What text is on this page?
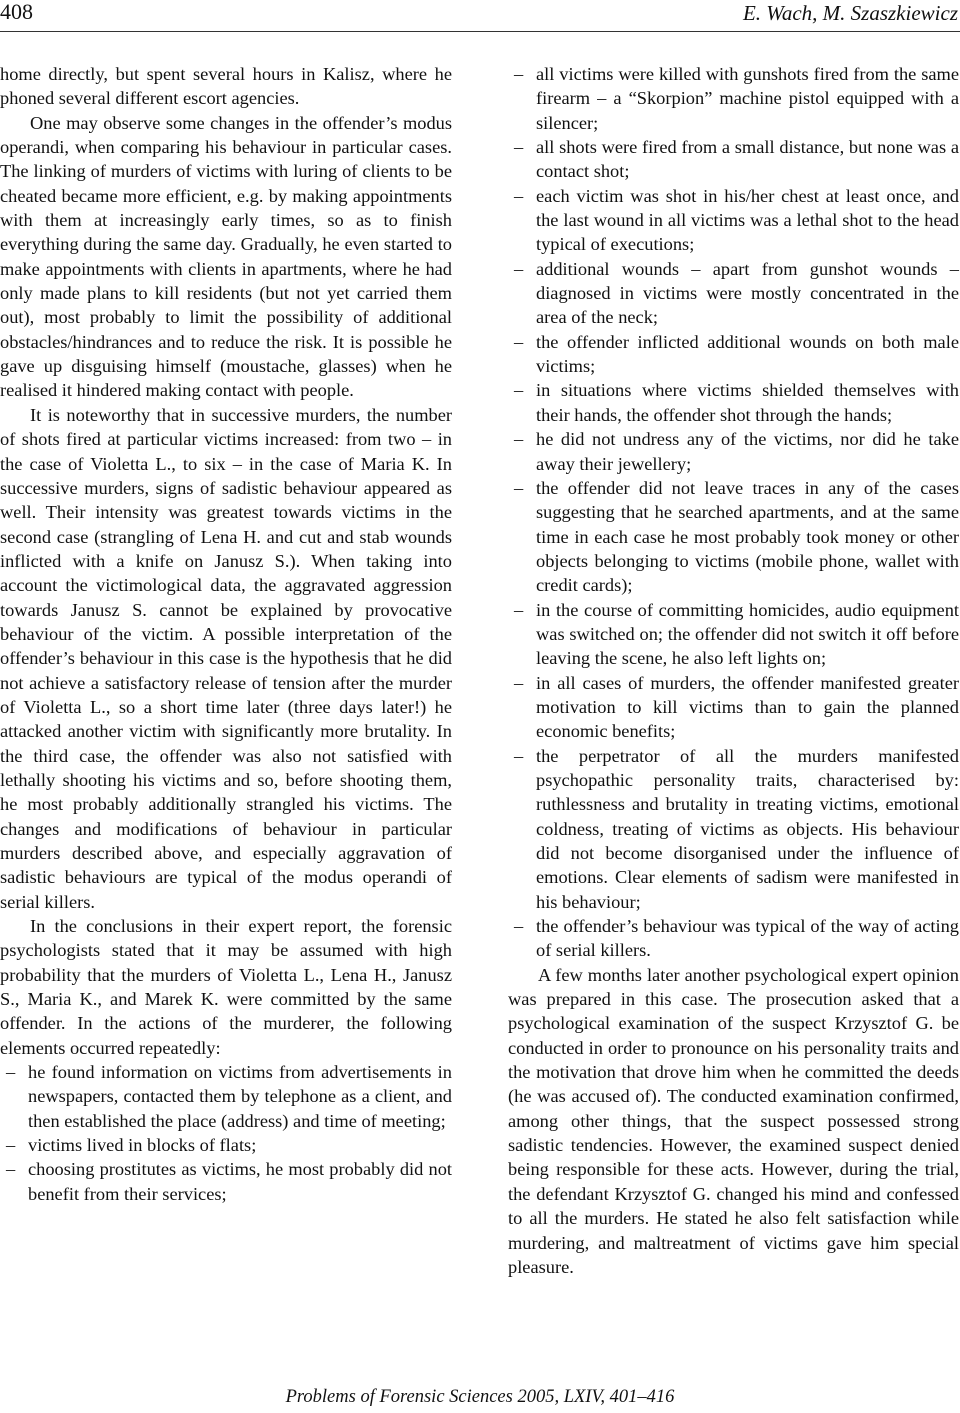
408	E. Wach, M. Szaszkiewicz

home directly, but spent several hours in Kalisz, where he phoned several different escort agencies.

One may observe some changes in the offender’s modus operandi, when comparing his behaviour in particular cases. The linking of murders of victims with luring of clients to be cheated became more efficient, e.g. by making appointments with them at increasingly early times, so as to finish everything during the same day. Gradually, he even started to make appointments with clients in apartments, where he had only made plans to kill residents (but not yet carried them out), most probably to limit the possibility of additional obstacles/hindrances and to reduce the risk. It is possible he gave up disguising himself (moustache, glasses) when he realised it hindered making contact with people.

It is noteworthy that in successive murders, the number of shots fired at particular victims increased: from two – in the case of Violetta L., to six – in the case of Maria K. In successive murders, signs of sadistic behaviour appeared as well. Their intensity was greatest towards victims in the second case (strangling of Lena H. and cut and stab wounds inflicted with a knife on Janusz S.). When taking into account the victimological data, the aggravated aggression towards Janusz S. cannot be explained by provocative behaviour of the victim. A possible interpretation of the offender’s behaviour in this case is the hypothesis that he did not achieve a satisfactory release of tension after the murder of Violetta L., so a short time later (three days later!) he attacked another victim with significantly more brutality. In the third case, the offender was also not satisfied with lethally shooting his victims and so, before shooting them, he most probably additionally strangled his victims. The changes and modifications of behaviour in particular murders described above, and especially aggravation of sadistic behaviours are typical of the modus operandi of serial killers.

In the conclusions in their expert report, the forensic psychologists stated that it may be assumed with high probability that the murders of Violetta L., Lena H., Janusz S., Maria K., and Marek K. were committed by the same offender. In the actions of the murderer, the following elements occurred repeatedly:

– he found information on victims from advertisements in newspapers, contacted them by telephone as a client, and then established the place (address) and time of meeting;
– victims lived in blocks of flats;
– choosing prostitutes as victims, he most probably did not benefit from their services;
– all victims were killed with gunshots fired from the same firearm – a “Skorpion” machine pistol equipped with a silencer;
– all shots were fired from a small distance, but none was a contact shot;
– each victim was shot in his/her chest at least once, and the last wound in all victims was a lethal shot to the head typical of executions;
– additional wounds – apart from gunshot wounds – diagnosed in victims were mostly concentrated in the area of the neck;
– the offender inflicted additional wounds on both male victims;
– in situations where victims shielded themselves with their hands, the offender shot through the hands;
– he did not undress any of the victims, nor did he take away their jewellery;
– the offender did not leave traces in any of the cases suggesting that he searched apartments, and at the same time in each case he most probably took money or other objects belonging to victims (mobile phone, wallet with credit cards);
– in the course of committing homicides, audio equipment was switched on; the offender did not switch it off before leaving the scene, he also left lights on;
– in all cases of murders, the offender manifested greater motivation to kill victims than to gain the planned economic benefits;
– the perpetrator of all the murders manifested psychopathic personality traits, characterised by: ruthlessness and brutality in treating victims, emotional coldness, treating of victims as objects. His behaviour did not become disorganised under the influence of emotions. Clear elements of sadism were manifested in his behaviour;
– the offender’s behaviour was typical of the way of acting of serial killers.

A few months later another psychological expert opinion was prepared in this case. The prosecution asked that a psychological examination of the suspect Krzysztof G. be conducted in order to pronounce on his personality traits and the motivation that drove him when he committed the deeds (he was accused of). The conducted examination confirmed, among other things, that the suspect possessed strong sadistic tendencies. However, the examined suspect denied being responsible for these acts. However, during the trial, the defendant Krzysztof G. changed his mind and confessed to all the murders. He stated he also felt satisfaction while murdering, and maltreatment of victims gave him special pleasure.

Problems of Forensic Sciences 2005, LXIV, 401–416
